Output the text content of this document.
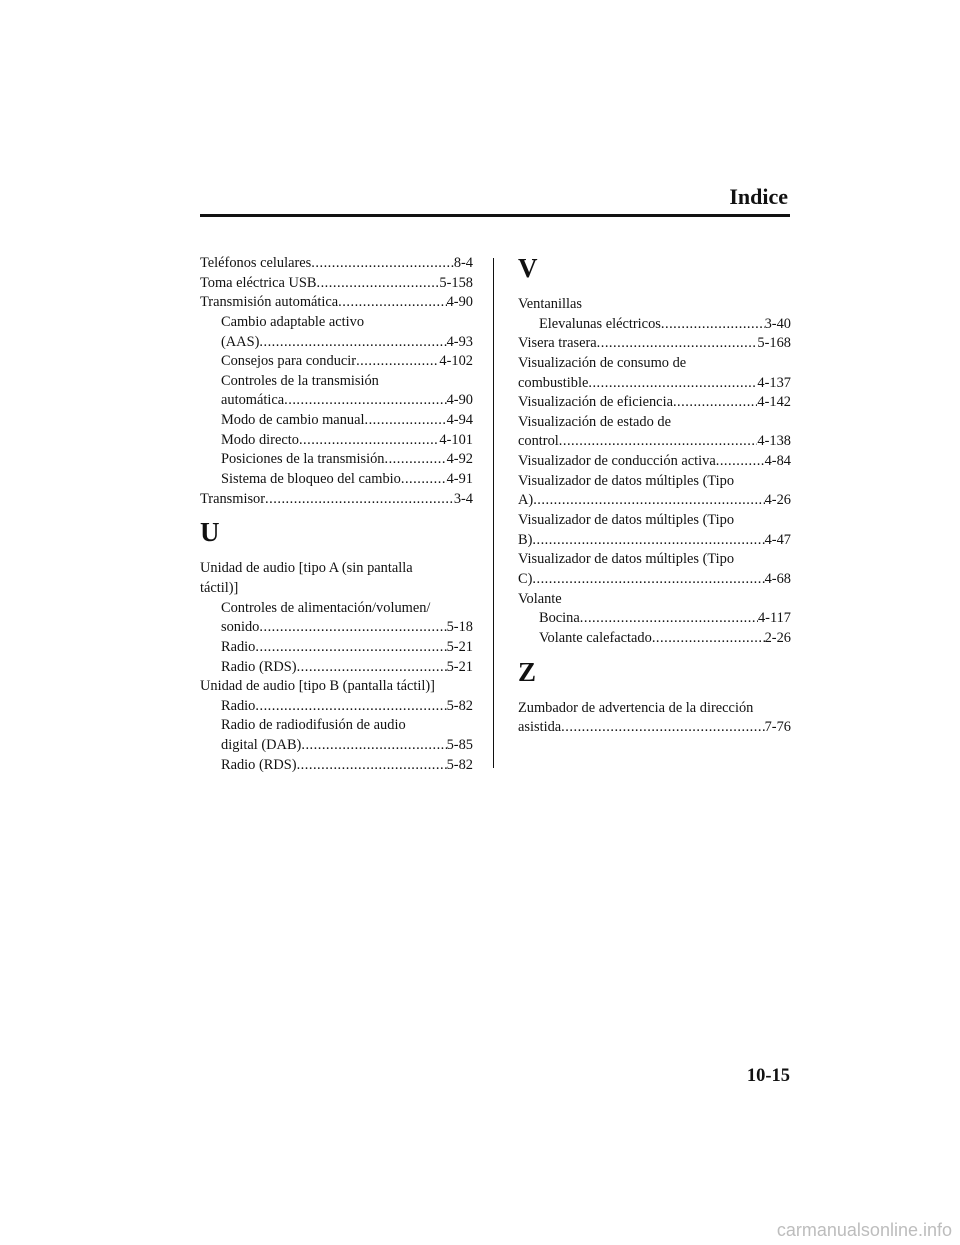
Indice
Teléfonos celulares .....	8-4
Toma eléctrica USB .....	5-158
Transmisión automática .....	4-90
Cambio adaptable activo
(AAS) .....	4-93
Consejos para conducir .....	4-102
Controles de la transmisión
automática .....	4-90
Modo de cambio manual .....	4-94
Modo directo .....	4-101
Posiciones de la transmisión .....	4-92
Sistema de bloqueo del cambio .....	4-91
Transmisor .....	3-4
U
Unidad de audio [tipo A (sin pantalla
táctil)]
Controles de alimentación/volumen/
sonido .....	5-18
Radio .....	5-21
Radio (RDS) .....	5-21
Unidad de audio [tipo B (pantalla táctil)]
Radio .....	5-82
Radio de radiodifusión de audio
digital (DAB) .....	5-85
Radio (RDS) .....	5-82
V
Ventanillas
Elevalunas eléctricos .....	3-40
Visera trasera .....	5-168
Visualización de consumo de
combustible .....	4-137
Visualización de eficiencia .....	4-142
Visualización de estado de
control .....	4-138
Visualizador de conducción activa .....	4-84
Visualizador de datos múltiples (Tipo
A) .....	4-26
Visualizador de datos múltiples (Tipo
B) .....	4-47
Visualizador de datos múltiples (Tipo
C) .....	4-68
Volante
Bocina .....	4-117
Volante calefactado .....	2-26
Z
Zumbador de advertencia de la dirección
asistida .....	7-76
10-15
carmanualsonline.info
